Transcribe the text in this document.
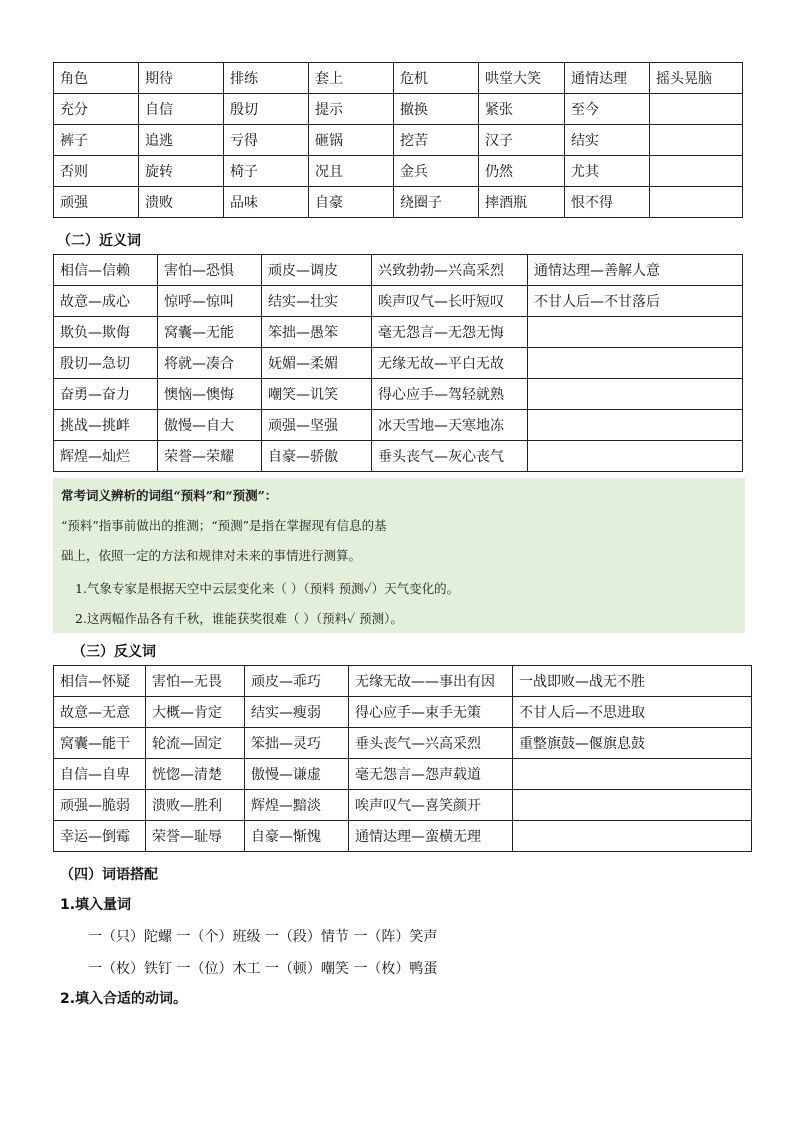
角色	期待	排练	套上	危机	哄堂大笑	通情达理	摇头晃脑
充分	自信	殷切	提示	撤换	紧张	至今	
裤子	追逃	亏得	砸锅	挖苦	汉子	结实	
否则	旋转	椅子	况且	金兵	仍然	尤其	
顽强	溃败	品味	自豪	绕圈子	摔酒瓶	恨不得	
（二）近义词
相信—信赖	害怕—恐惧	顽皮—调皮	兴致勃勃—兴高采烈	通情达理—善解人意
故意—成心	惊呼—惊叫	结实—壮实	唉声叹气—长吁短叹	不甘人后—不甘落后
欺负—欺侮	窝囊—无能	笨拙—愚笨	毫无怨言—无怨无悔	
殷切—急切	将就—凑合	妩媚—柔媚	无缘无故—平白无故	
奋勇—奋力	懊恼—懊悔	嘲笑—讥笑	得心应手—驾轻就熟	
挑战—挑衅	傲慢—自大	顽强—坚强	冰天雪地—天寒地冻	
辉煌—灿烂	荣誉—荣耀	自豪—骄傲	垂头丧气—灰心丧气	
常考词义辨析的词组“预料”和“预测”：
“预料”指事前做出的推测；“预测”是指在掌握现有信息的基
础上，依照一定的方法和规律对未来的事情进行测算。
1.气象专家是根据天空中云层变化来（ ）（预料 预测✓）天气变化的。
2.这两幅作品各有千秋，谁能获奖很难（ ）（预料✓ 预测）。
（三）反义词
相信—怀疑	害怕—无畏	顽皮—乖巧	无缘无故——事出有因	一战即败—战无不胜
故意—无意	大概—肯定	结实—瘦弱	得心应手—束手无策	不甘人后—不思进取
窝囊—能干	轮流—固定	笨拙—灵巧	垂头丧气—兴高采烈	重整旗鼓—偃旗息鼓
自信—自卑	恍惚—清楚	傲慢—谦虚	毫无怨言—怨声载道	
顽强—脆弱	溃败—胜利	辉煌—黯淡	唉声叹气—喜笑颜开	
幸运—倒霉	荣誉—耻辱	自豪—惭愧	通情达理—蛮横无理	
（四）词语搭配
1.填入量词
一（只）陀螺 一（个）班级 一（段）情节 一（阵）笑声
一（枚）铁钉 一（位）木工 一（顿）嘲笑 一（枚）鸭蛋
2.填入合适的动词。
